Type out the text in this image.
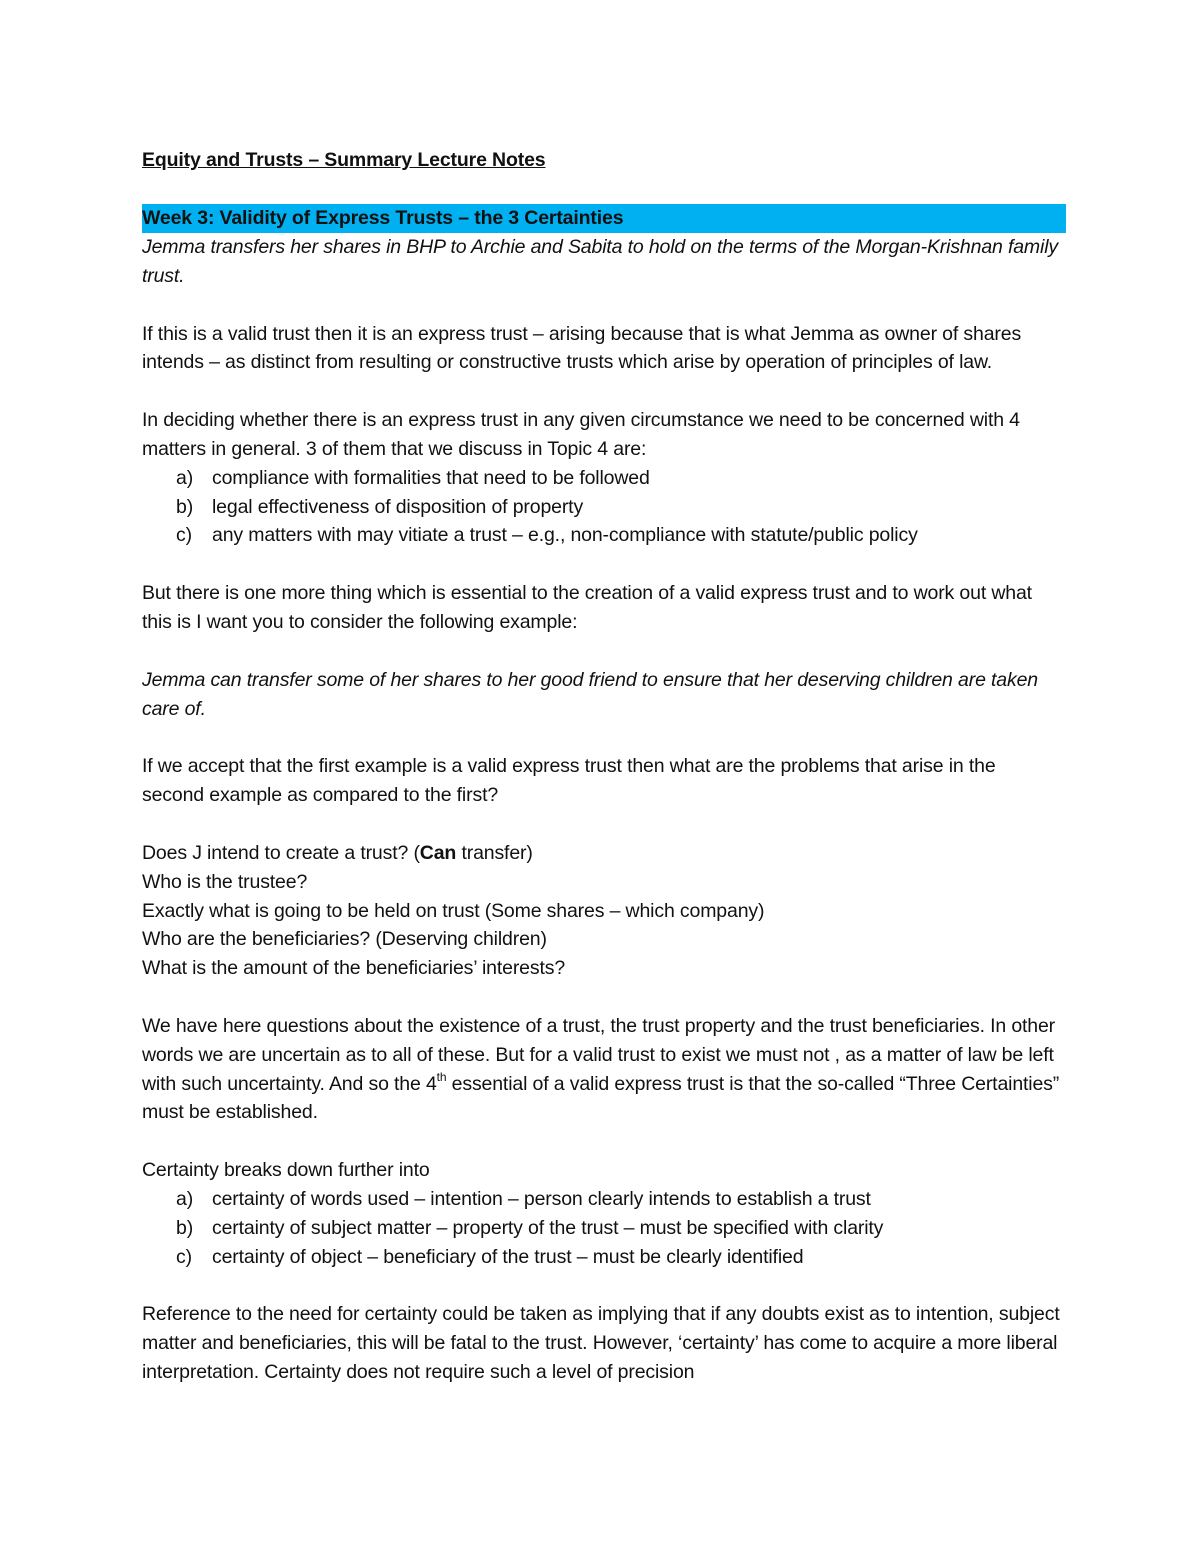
Equity and Trusts – Summary Lecture Notes

Week 3: Validity of Express Trusts – the 3 Certainties

Jemma transfers her shares in BHP to Archie and Sabita to hold on the terms of the Morgan-Krishnan family trust.

If this is a valid trust then it is an express trust – arising because that is what Jemma as owner of shares intends – as distinct from resulting or constructive trusts which arise by operation of principles of law.

In deciding whether there is an express trust in any given circumstance we need to be concerned with 4 matters in general. 3 of them that we discuss in Topic 4 are:

a) compliance with formalities that need to be followed
b) legal effectiveness of disposition of property
c) any matters with may vitiate a trust – e.g., non-compliance with statute/public policy

But there is one more thing which is essential to the creation of a valid express trust and to work out what this is I want you to consider the following example:

Jemma can transfer some of her shares to her good friend to ensure that her deserving children are taken care of.

If we accept that the first example is a valid express trust then what are the problems that arise in the second example as compared to the first?

Does J intend to create a trust? (Can transfer)

Who is the trustee?

Exactly what is going to be held on trust (Some shares – which company)

Who are the beneficiaries? (Deserving children)

What is the amount of the beneficiaries’ interests?

We have here questions about the existence of a trust, the trust property and the trust beneficiaries. In other words we are uncertain as to all of these. But for a valid trust to exist we must not , as a matter of law be left with such uncertainty. And so the 4th essential of a valid express trust is that the so-called “Three Certainties” must be established.

Certainty breaks down further into

a) certainty of words used – intention – person clearly intends to establish a trust
b) certainty of subject matter – property of the trust – must be specified with clarity
c) certainty of object – beneficiary of the trust – must be clearly identified

Reference to the need for certainty could be taken as implying that if any doubts exist as to intention, subject matter and beneficiaries, this will be fatal to the trust. However, ‘certainty’ has come to acquire a more liberal interpretation. Certainty does not require such a level of precision
